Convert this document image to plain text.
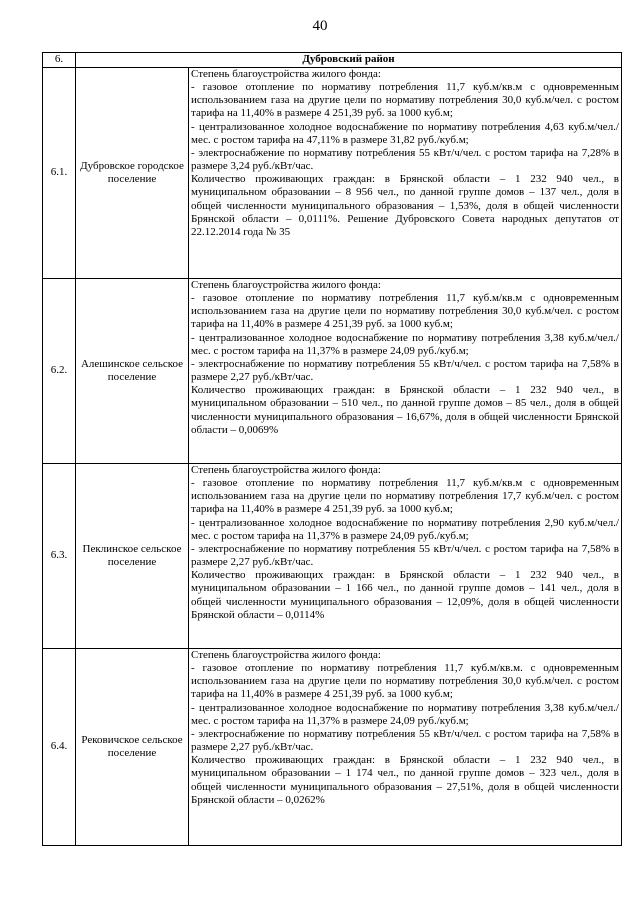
40
6.	Дубровский район	
6.1.	Дубровское городское поселение	Степень благоустройства жилого фонда:
- газовое отопление по нормативу потребления 11,7 куб.м/кв.м с одновременным использованием газа на другие цели по нормативу потребления 30,0 куб.м/чел. с ростом тарифа на 11,40% в размере 4 251,39 руб. за 1000 куб.м;
- централизованное холодное водоснабжение по нормативу потребления 4,63 куб.м/чел./мес. с ростом тарифа на 47,11% в размере 31,82 руб./куб.м;
- электроснабжение по нормативу потребления 55 кВт/ч/чел. с ростом тарифа на 7,28% в размере 3,24 руб./кВт/час.
Количество проживающих граждан: в Брянской области – 1 232 940 чел., в муниципальном образовании – 8 956 чел., по данной группе домов – 137 чел., доля в общей численности муниципального образования – 1,53%, доля в общей численности Брянской области – 0,0111%. Решение Дубровского Совета народных депутатов от 22.12.2014 года № 35

6.2.	Алешинское сельское поселение	Степень благоустройства жилого фонда:
- газовое отопление по нормативу потребления 11,7 куб.м/кв.м с одновременным использованием газа на другие цели по нормативу потребления 30,0 куб.м/чел. с ростом тарифа на 11,40% в размере 4 251,39 руб. за 1000 куб.м;
- централизованное холодное водоснабжение по нормативу потребления 3,38 куб.м/чел./мес. с ростом тарифа на 11,37% в размере 24,09 руб./куб.м;
- электроснабжение по нормативу потребления 55 кВт/ч/чел. с ростом тарифа на 7,58% в размере 2,27 руб./кВт/час.
Количество проживающих граждан: в Брянской области – 1 232 940 чел., в муниципальном образовании – 510 чел., по данной группе домов – 85 чел., доля в общей численности муниципального образования – 16,67%, доля в общей численности Брянской области – 0,0069%

6.3.	Пеклинское сельское поселение	Степень благоустройства жилого фонда:
- газовое отопление по нормативу потребления 11,7 куб.м/кв.м с одновременным использованием газа на другие цели по нормативу потребления 17,7 куб.м/чел. с ростом тарифа на 11,40% в размере 4 251,39 руб. за 1000 куб.м;
- централизованное холодное водоснабжение по нормативу потребления 2,90 куб.м/чел./мес. с ростом тарифа на 11,37% в размере 24,09 руб./куб.м;
- электроснабжение по нормативу потребления 55 кВт/ч/чел. с ростом тарифа на 7,58% в размере 2,27 руб./кВт/час.
Количество проживающих граждан: в Брянской области – 1 232 940 чел., в муниципальном образовании – 1 166 чел., по данной группе домов – 141 чел., доля в общей численности муниципального образования – 12,09%, доля в общей численности Брянской области – 0,0114%

6.4.	Рековичское сельское поселение	Степень благоустройства жилого фонда:
- газовое отопление по нормативу потребления 11,7 куб.м/кв.м. с одновременным использованием газа на другие цели по нормативу потребления 30,0 куб.м/чел. с ростом тарифа на 11,40% в размере 4 251,39 руб. за 1000 куб.м;
- централизованное холодное водоснабжение по нормативу потребления 3,38 куб.м/чел./мес. с ростом тарифа на 11,37% в размере 24,09 руб./куб.м;
- электроснабжение по нормативу потребления 55 кВт/ч/чел. с ростом тарифа на 7,58% в размере 2,27 руб./кВт/час.
Количество проживающих граждан: в Брянской области – 1 232 940 чел., в муниципальном образовании – 1 174 чел., по данной группе домов – 323 чел., доля в общей численности муниципального образования – 27,51%, доля в общей численности Брянской области – 0,0262%
